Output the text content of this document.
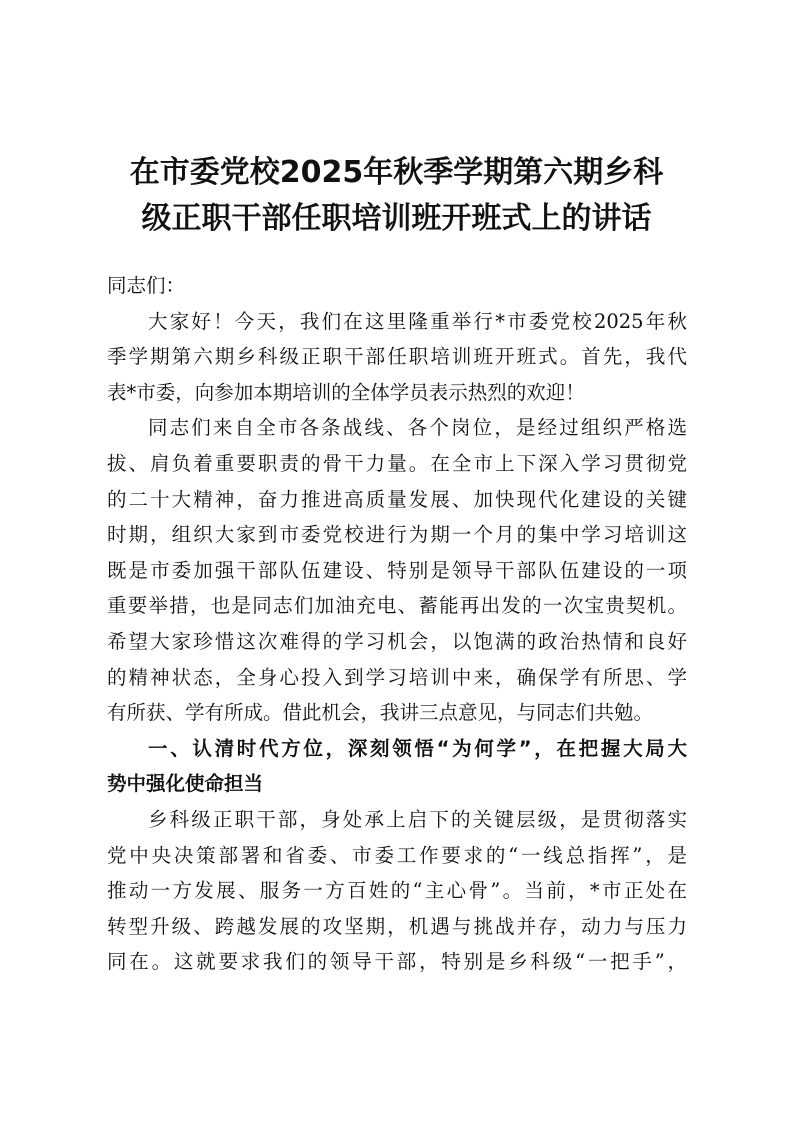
在市委党校2025年秋季学期第六期乡科
级正职干部任职培训班开班式上的讲话
同志们：
大家好！今天，我们在这里隆重举行*市委党校2025年秋
季学期第六期乡科级正职干部任职培训班开班式。首先，我代
表*市委，向参加本期培训的全体学员表示热烈的欢迎！
同志们来自全市各条战线、各个岗位，是经过组织严格选
拔、肩负着重要职责的骨干力量。在全市上下深入学习贯彻党
的二十大精神，奋力推进高质量发展、加快现代化建设的关键
时期，组织大家到市委党校进行为期一个月的集中学习培训这
既是市委加强干部队伍建设、特别是领导干部队伍建设的一项
重要举措，也是同志们加油充电、蓄能再出发的一次宝贵契机。
希望大家珍惜这次难得的学习机会，以饱满的政治热情和良好
的精神状态，全身心投入到学习培训中来，确保学有所思、学
有所获、学有所成。借此机会，我讲三点意见，与同志们共勉。
一、认清时代方位，深刻领悟“为何学”，在把握大局大
势中强化使命担当
乡科级正职干部，身处承上启下的关键层级，是贯彻落实
党中央决策部署和省委、市委工作要求的“一线总指挥”，是
推动一方发展、服务一方百姓的“主心骨”。当前，*市正处在
转型升级、跨越发展的攻坚期，机遇与挑战并存，动力与压力
同在。这就要求我们的领导干部，特别是乡科级“一把手”，
